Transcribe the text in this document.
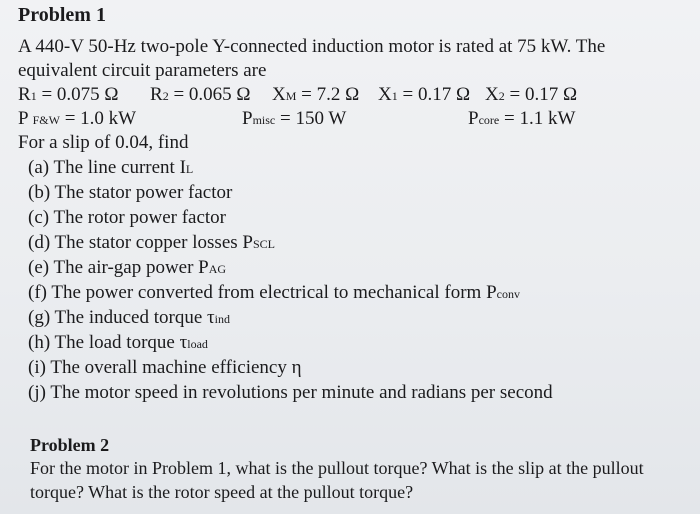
Problem 1
A 440-V 50-Hz two-pole Y-connected induction motor is rated at 75 kW. The
equivalent circuit parameters are
R1 = 0.075 Ω R2 = 0.065 Ω XM = 7.2 Ω X1 = 0.17 Ω X2 = 0.17 Ω
P F&W = 1.0 kW	Pmisc = 150 W	Pcore = 1.1 kW
For a slip of 0.04, find
(a) The line current IL
(b) The stator power factor
(c) The rotor power factor
(d) The stator copper losses PSCL
(e) The air-gap power PAG
(f) The power converted from electrical to mechanical form Pconv
(g) The induced torque τind
(h) The load torque τload
(i) The overall machine efficiency η
(j) The motor speed in revolutions per minute and radians per second
Problem 2
For the motor in Problem 1, what is the pullout torque? What is the slip at the pullout
torque? What is the rotor speed at the pullout torque?
